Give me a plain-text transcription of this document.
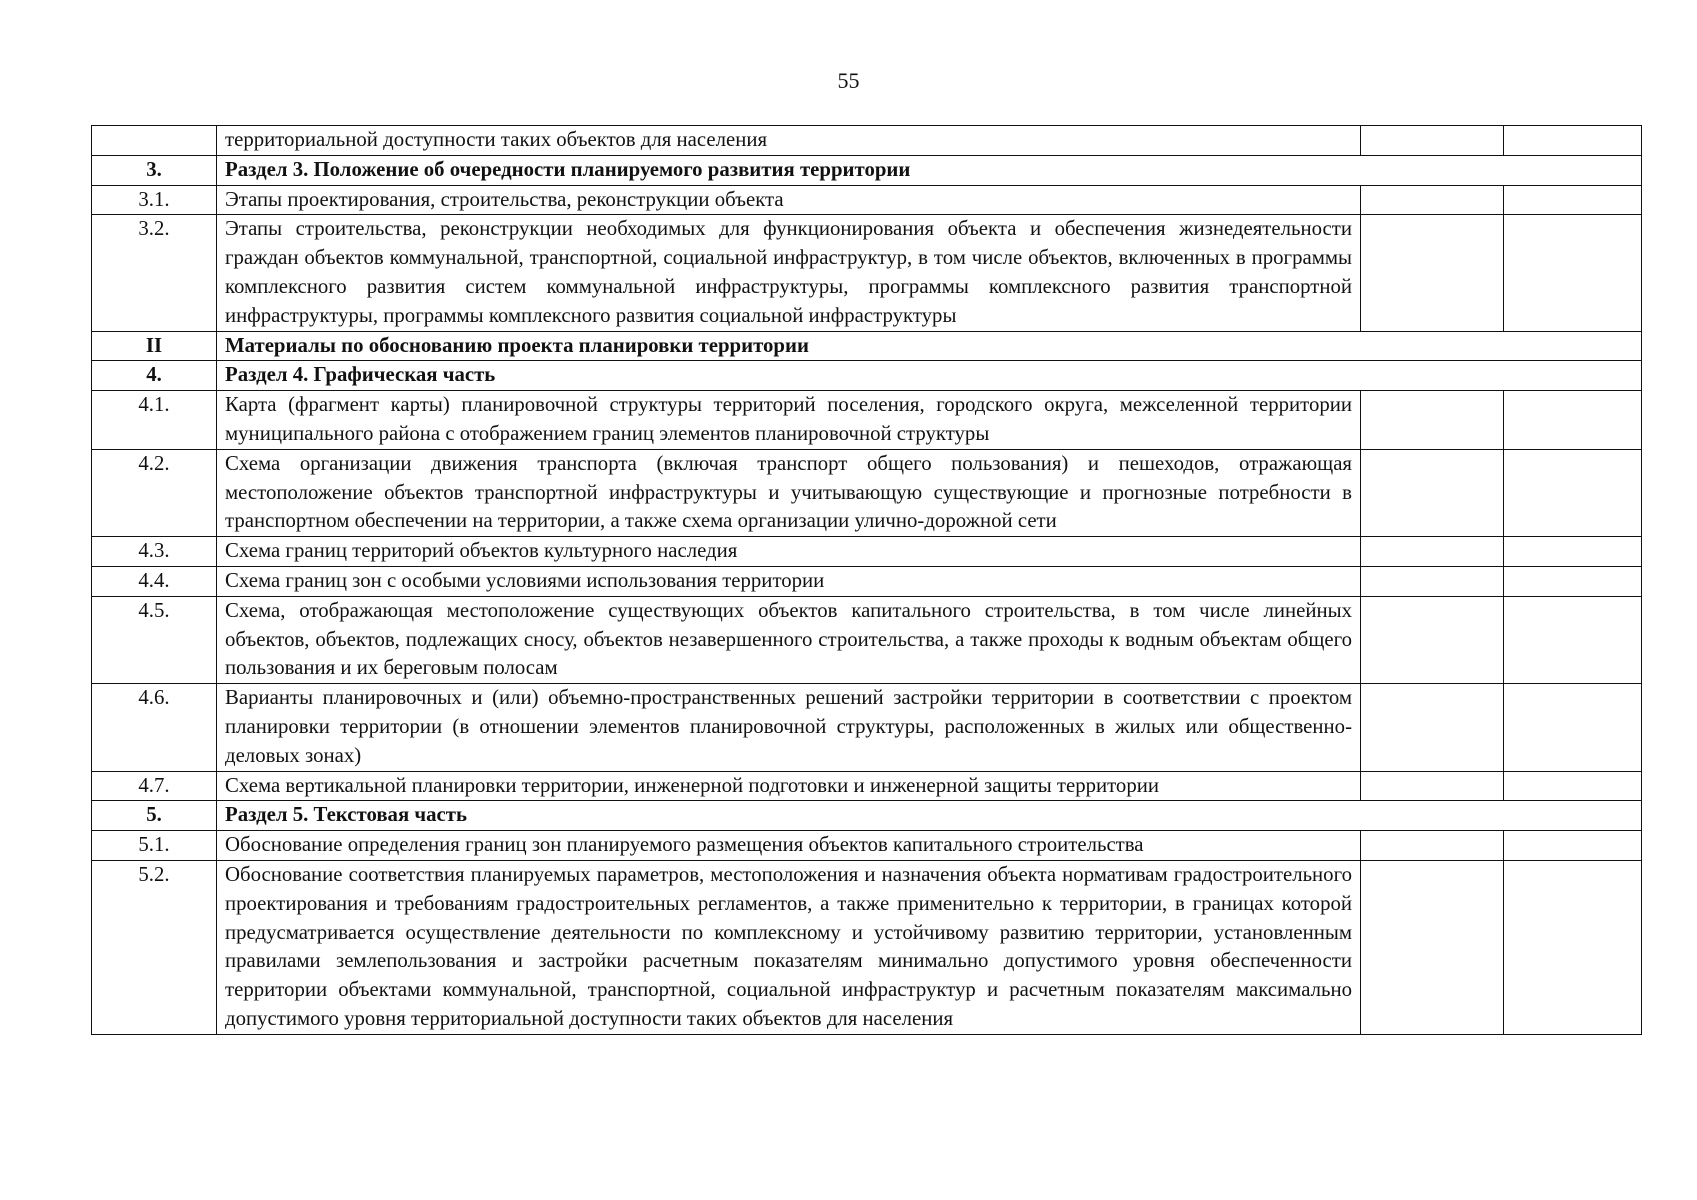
55
	территориальной доступности таких объектов для населения		
3.	Раздел 3. Положение об очередности планируемого развития территории		
3.1.	Этапы проектирования, строительства, реконструкции объекта		
3.2.	Этапы строительства, реконструкции необходимых для функционирования объекта и обеспечения жизнедеятельности граждан объектов коммунальной, транспортной, социальной инфраструктур, в том числе объектов, включенных в программы комплексного развития систем коммунальной инфраструктуры, программы комплексного развития транспортной инфраструктуры, программы комплексного развития социальной инфраструктуры		
II	Материалы по обоснованию проекта планировки территории		
4.	Раздел 4. Графическая часть		
4.1.	Карта (фрагмент карты) планировочной структуры территорий поселения, городского округа, межселенной территории муниципального района с отображением границ элементов планировочной структуры		
4.2.	Схема организации движения транспорта (включая транспорт общего пользования) и пешеходов, отражающая местоположение объектов транспортной инфраструктуры и учитывающую существующие и прогнозные потребности в транспортном обеспечении на территории, а также схема организации улично-дорожной сети		
4.3.	Схема границ территорий объектов культурного наследия		
4.4.	Схема границ зон с особыми условиями использования территории		
4.5.	Схема, отображающая местоположение существующих объектов капитального строительства, в том числе линейных объектов, объектов, подлежащих сносу, объектов незавершенного строительства, а также проходы к водным объектам общего пользования и их береговым полосам		
4.6.	Варианты планировочных и (или) объемно-пространственных решений застройки территории в соответствии с проектом планировки территории (в отношении элементов планировочной структуры, расположенных в жилых или общественно-деловых зонах)		
4.7.	Схема вертикальной планировки территории, инженерной подготовки и инженерной защиты территории		
5.	Раздел 5. Текстовая часть		
5.1.	Обоснование определения границ зон планируемого размещения объектов капитального строительства		
5.2.	Обоснование соответствия планируемых параметров, местоположения и назначения объекта нормативам градостроительного проектирования и требованиям градостроительных регламентов, а также применительно к территории, в границах которой предусматривается осуществление деятельности по комплексному и устойчивому развитию территории, установленным правилами землепользования и застройки расчетным показателям минимально допустимого уровня обеспеченности территории объектами коммунальной, транспортной, социальной инфраструктур и расчетным показателям максимально допустимого уровня территориальной доступности таких объектов для населения		
